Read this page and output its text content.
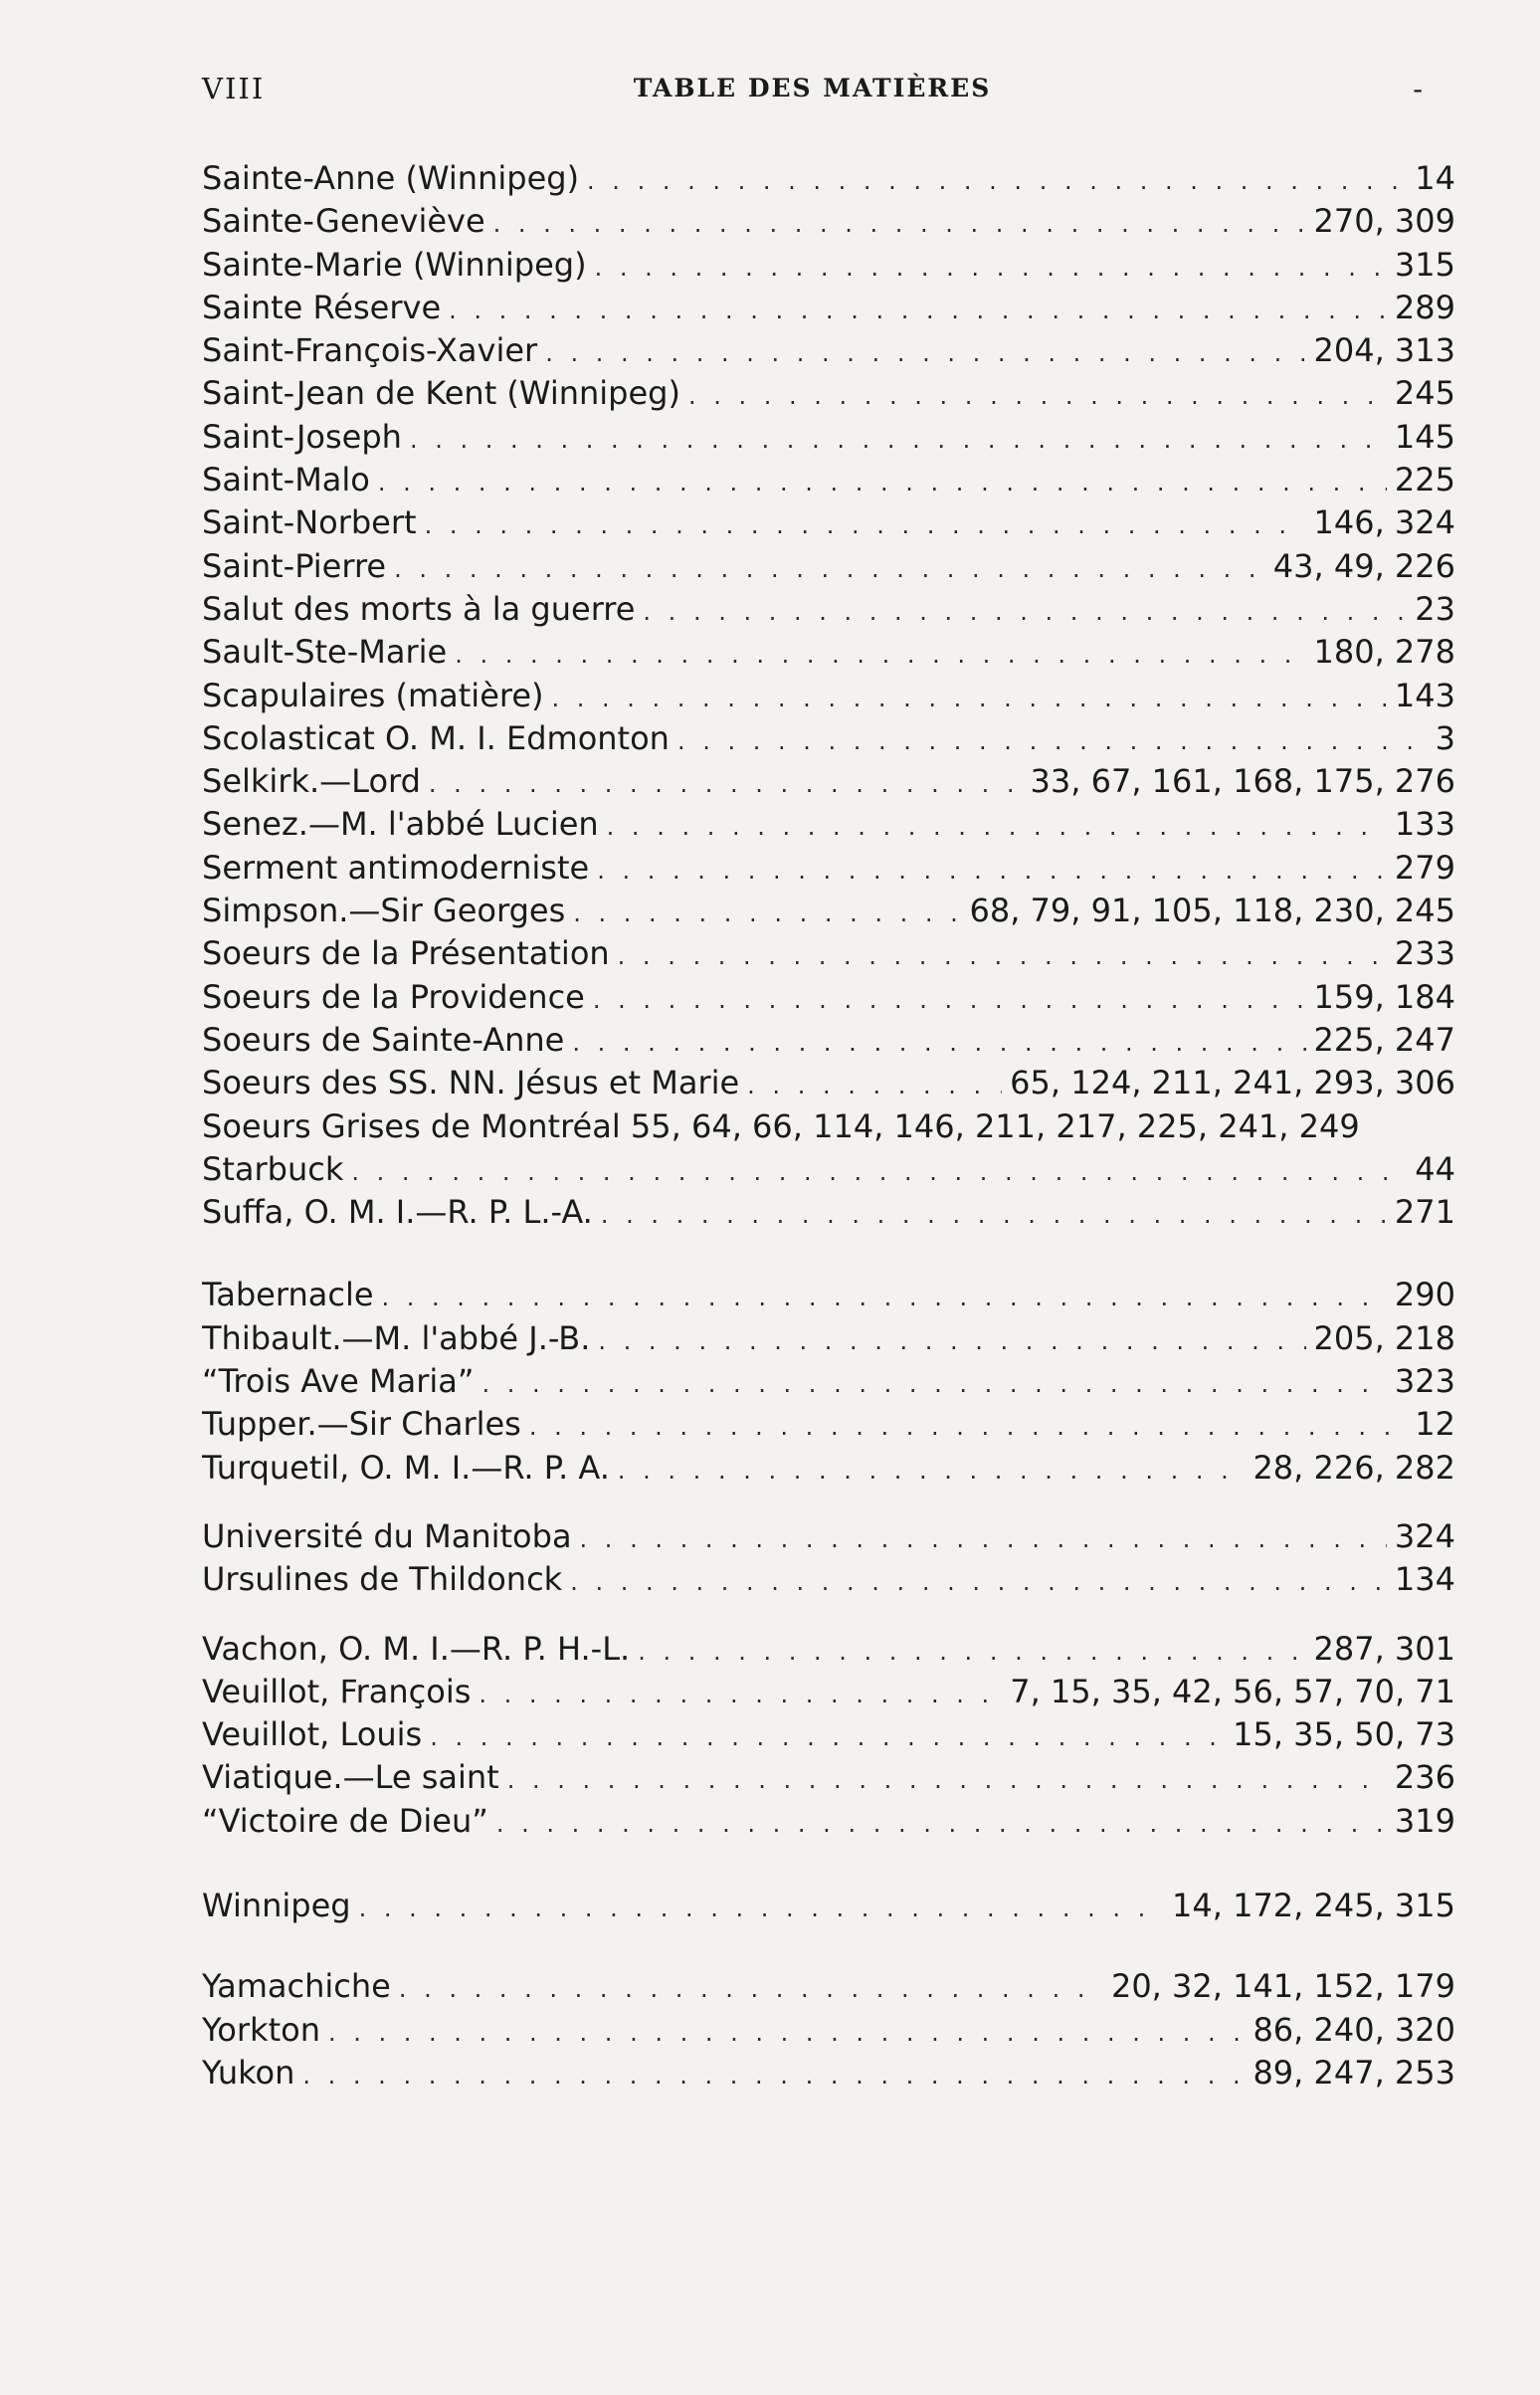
VIII	TABLE DES MATIÈRES	-
Sainte-Anne (Winnipeg) . . .	14
Sainte-Geneviève . . .	270, 309
Sainte-Marie (Winnipeg) . . .	315
Sainte Réserve . . .	289
Saint-François-Xavier . . .	204, 313
Saint-Jean de Kent (Winnipeg) . . .	245
Saint-Joseph . . .	145
Saint-Malo . . .	225
Saint-Norbert . . .	146, 324
Saint-Pierre . . .	43, 49, 226
Salut des morts à la guerre . . .	23
Sault-Ste-Marie . . .	180, 278
Scapulaires (matière) . . .	143
Scolasticat O. M. I. Edmonton . . .	3
Selkirk.—Lord . . .	33, 67, 161, 168, 175, 276
Senez.—M. l'abbé Lucien . . .	133
Serment antimoderniste . . .	279
Simpson.—Sir Georges . . .	68, 79, 91, 105, 118, 230, 245
Soeurs de la Présentation . . .	233
Soeurs de la Providence . . .	159, 184
Soeurs de Sainte-Anne . . .	225, 247
Soeurs des SS. NN. Jésus et Marie . . .	65, 124, 211, 241, 293, 306
Soeurs Grises de Montréal 55, 64, 66, 114, 146, 211, 217, 225, 241, 249
Starbuck . . .	44
Suffa, O. M. I.—R. P. L.-A. . . .	271
Tabernacle . . .	290
Thibault.—M. l'abbé J.-B. . . .	205, 218
“Trois Ave Maria” . . .	323
Tupper.—Sir Charles . . .	12
Turquetil, O. M. I.—R. P. A. . . .	28, 226, 282
Université du Manitoba . . .	324
Ursulines de Thildonck . . .	134
Vachon, O. M. I.—R. P. H.-L. . . .	287, 301
Veuillot, François . . .	7, 15, 35, 42, 56, 57, 70, 71
Veuillot, Louis . . .	15, 35, 50, 73
Viatique.—Le saint . . .	236
“Victoire de Dieu” . . .	319
Winnipeg . . .	14, 172, 245, 315
Yamachiche . . .	20, 32, 141, 152, 179
Yorkton . . .	86, 240, 320
Yukon . . .	89, 247, 253
